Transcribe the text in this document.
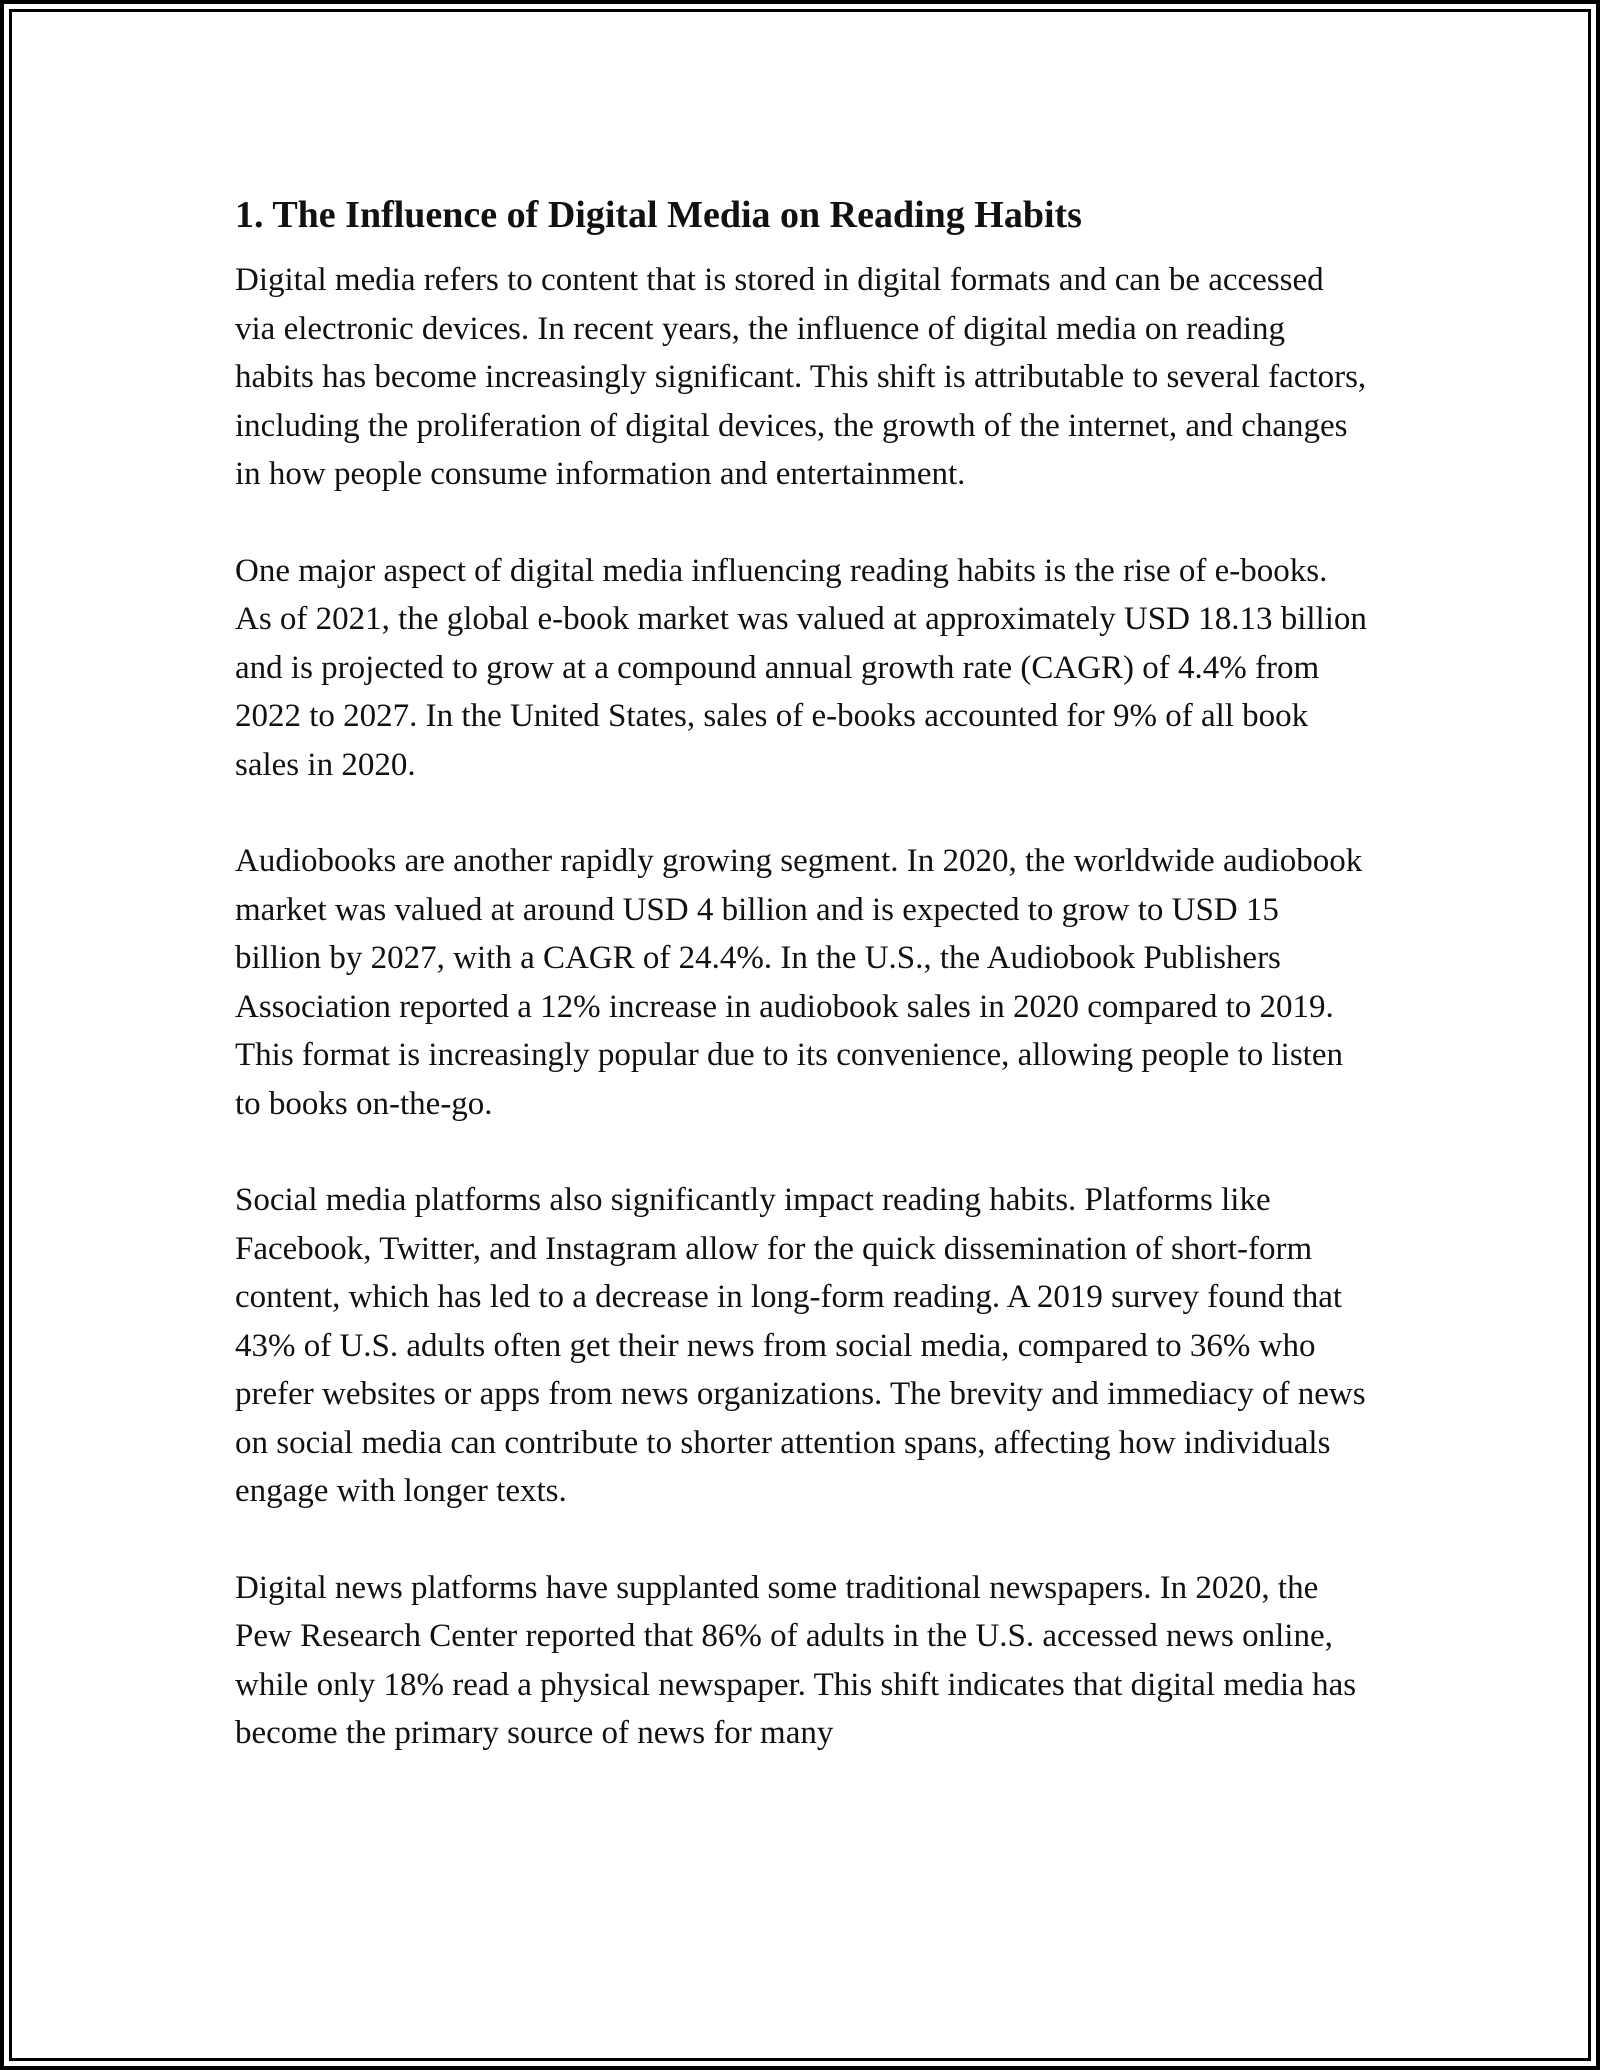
1. The Influence of Digital Media on Reading Habits

Digital media refers to content that is stored in digital formats and can be accessed via electronic devices. In recent years, the influence of digital media on reading habits has become increasingly significant. This shift is attributable to several factors, including the proliferation of digital devices, the growth of the internet, and changes in how people consume information and entertainment.

One major aspect of digital media influencing reading habits is the rise of e-books. As of 2021, the global e-book market was valued at approximately USD 18.13 billion and is projected to grow at a compound annual growth rate (CAGR) of 4.4% from 2022 to 2027. In the United States, sales of e-books accounted for 9% of all book sales in 2020.

Audiobooks are another rapidly growing segment. In 2020, the worldwide audiobook market was valued at around USD 4 billion and is expected to grow to USD 15 billion by 2027, with a CAGR of 24.4%. In the U.S., the Audiobook Publishers Association reported a 12% increase in audiobook sales in 2020 compared to 2019. This format is increasingly popular due to its convenience, allowing people to listen to books on-the-go.

Social media platforms also significantly impact reading habits. Platforms like Facebook, Twitter, and Instagram allow for the quick dissemination of short-form content, which has led to a decrease in long-form reading. A 2019 survey found that 43% of U.S. adults often get their news from social media, compared to 36% who prefer websites or apps from news organizations. The brevity and immediacy of news on social media can contribute to shorter attention spans, affecting how individuals engage with longer texts.

Digital news platforms have supplanted some traditional newspapers. In 2020, the Pew Research Center reported that 86% of adults in the U.S. accessed news online, while only 18% read a physical newspaper. This shift indicates that digital media has become the primary source of news for many
